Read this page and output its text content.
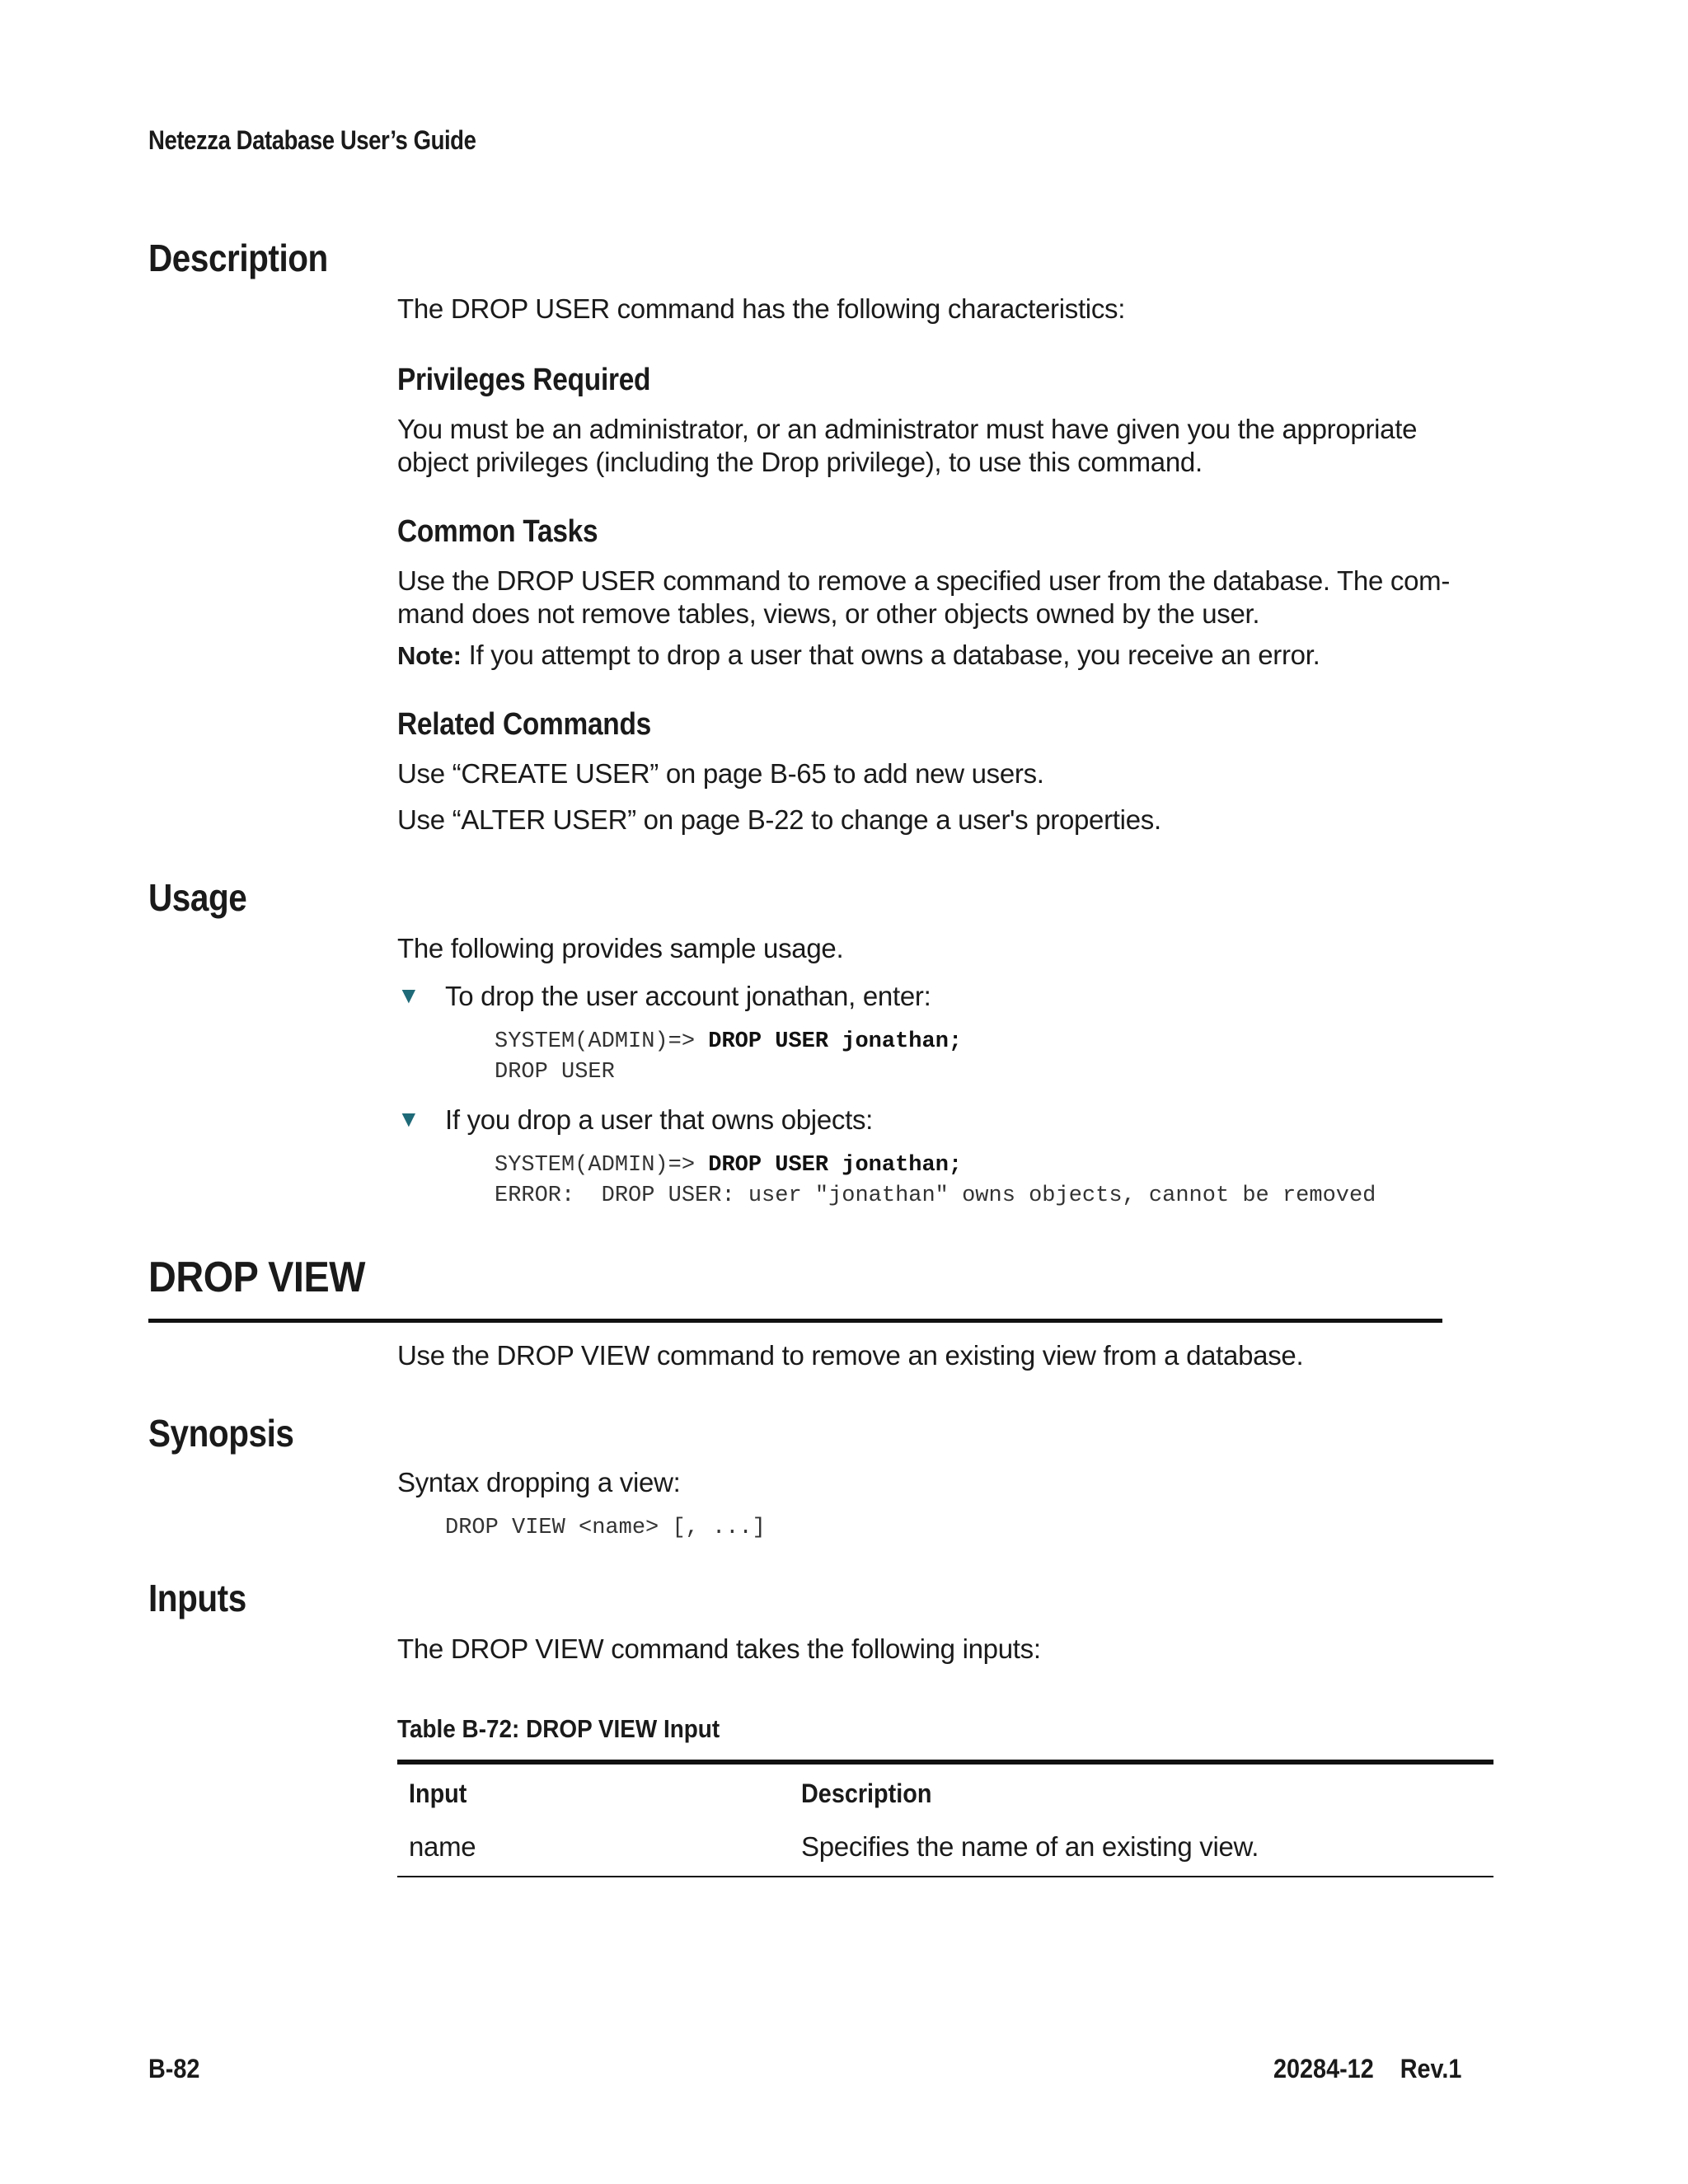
Netezza Database User’s Guide
Description
The DROP USER command has the following characteristics:
Privileges Required
You must be an administrator, or an administrator must have given you the appropriate
object privileges (including the Drop privilege), to use this command.
Common Tasks
Use the DROP USER command to remove a specified user from the database. The com-
mand does not remove tables, views, or other objects owned by the user.
Note: If you attempt to drop a user that owns a database, you receive an error.
Related Commands
Use “CREATE USER” on page B-65 to add new users.
Use “ALTER USER” on page B-22 to change a user's properties.
Usage
The following provides sample usage.
▼ To drop the user account jonathan, enter:
SYSTEM(ADMIN)=> DROP USER jonathan;
DROP USER
▼ If you drop a user that owns objects:
SYSTEM(ADMIN)=> DROP USER jonathan;
ERROR:  DROP USER: user "jonathan" owns objects, cannot be removed
DROP VIEW
Use the DROP VIEW command to remove an existing view from a database.
Synopsis
Syntax dropping a view:
DROP VIEW <name> [, ...]
Inputs
The DROP VIEW command takes the following inputs:
Table B-72: DROP VIEW Input
Input	Description
name	Specifies the name of an existing view.
B-82	20284-12    Rev.1
